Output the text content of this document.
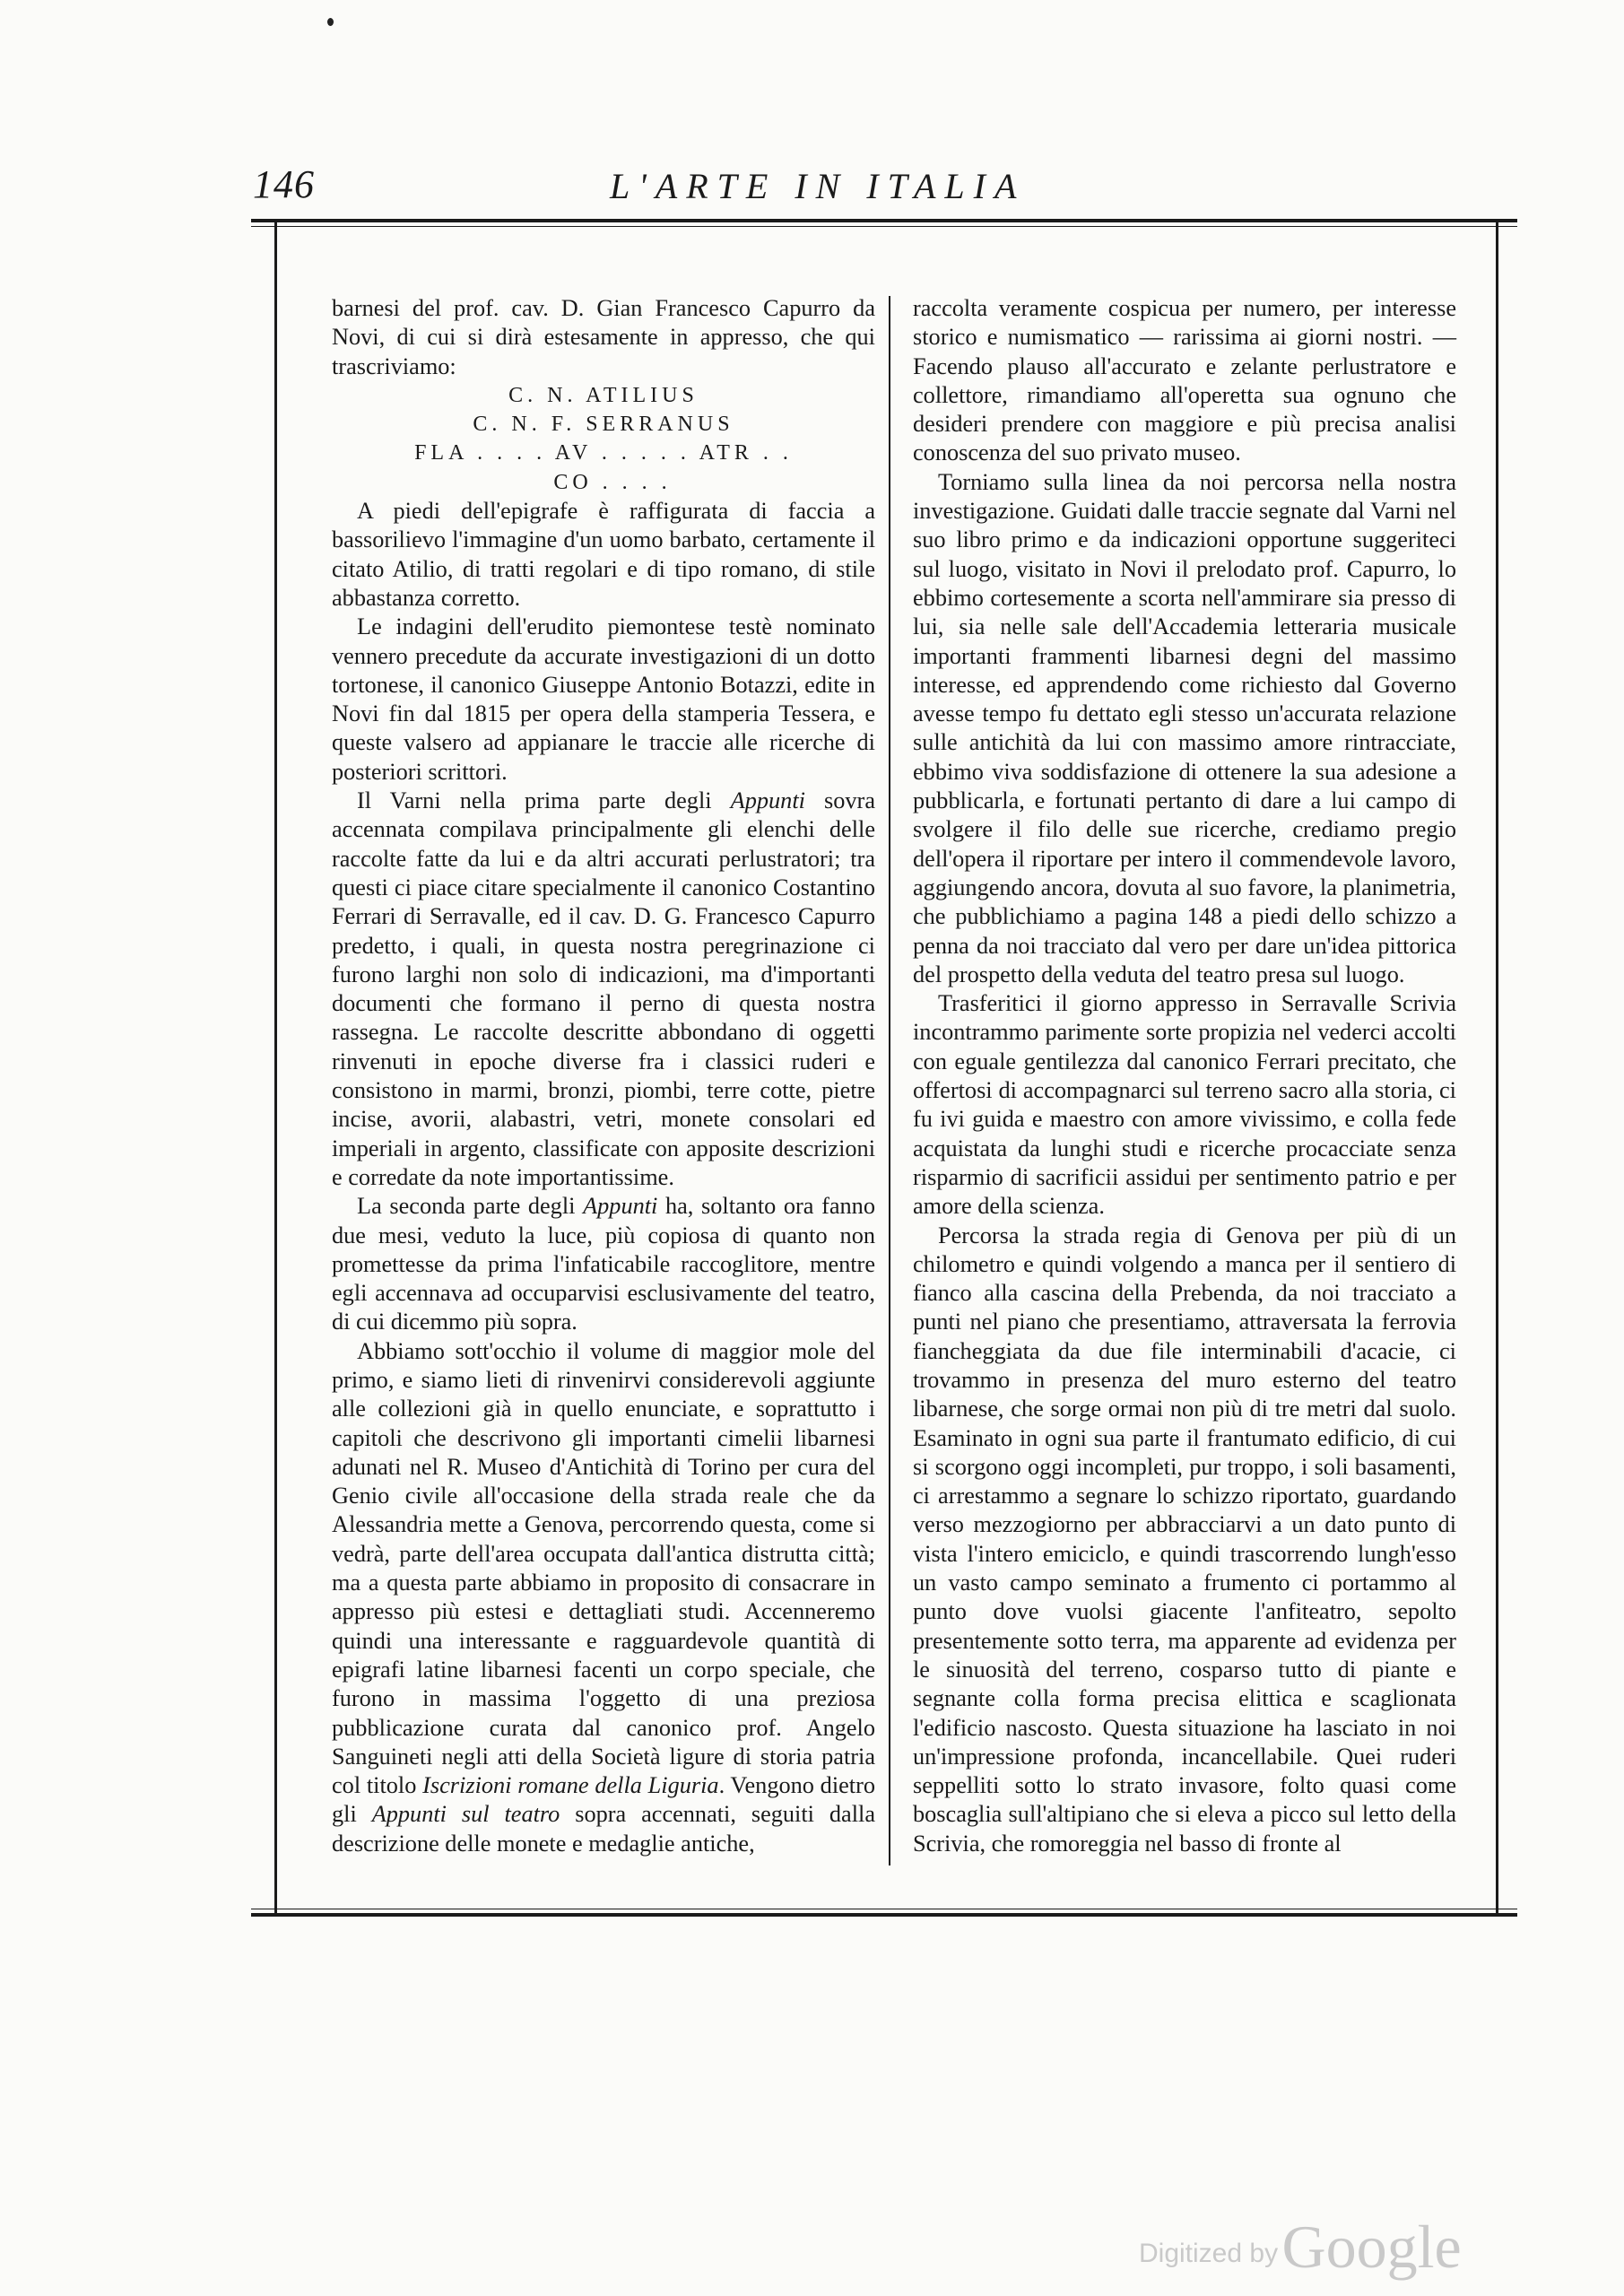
146	L'ARTE IN ITALIA

barnesi del prof. cav. D. Gian Francesco Capurro da Novi, di cui si dirà estesamente in appresso, che qui trascriviamo:

C. N. ATILIUS
C. N. F. SERRANUS
FLA . . . . AV . . . . . ATR . .
CO . . . .

A piedi dell'epigrafe è raffigurata di faccia a bassorilievo l'immagine d'un uomo barbato, certamente il citato Atilio, di tratti regolari e di tipo romano, di stile abbastanza corretto.

Le indagini dell'erudito piemontese testè nominato vennero precedute da accurate investigazioni di un dotto tortonese, il canonico Giuseppe Antonio Botazzi, edite in Novi fin dal 1815 per opera della stamperia Tessera, e queste valsero ad appianare le traccie alle ricerche di posteriori scrittori.

Il Varni nella prima parte degli Appunti sovra accennata compilava principalmente gli elenchi delle raccolte fatte da lui e da altri accurati perlustratori; tra questi ci piace citare specialmente il canonico Costantino Ferrari di Serravalle, ed il cav. D. G. Francesco Capurro predetto, i quali, in questa nostra peregrinazione ci furono larghi non solo di indicazioni, ma d'importanti documenti che formano il perno di questa nostra rassegna. Le raccolte descritte abbondano di oggetti rinvenuti in epoche diverse fra i classici ruderi e consistono in marmi, bronzi, piombi, terre cotte, pietre incise, avorii, alabastri, vetri, monete consolari ed imperiali in argento, classificate con apposite descrizioni e corredate da note importantissime.

La seconda parte degli Appunti ha, soltanto ora fanno due mesi, veduto la luce, più copiosa di quanto non promettesse da prima l'infaticabile raccoglitore, mentre egli accennava ad occuparvisi esclusivamente del teatro, di cui dicemmo più sopra.

Abbiamo sott'occhio il volume di maggior mole del primo, e siamo lieti di rinvenirvi considerevoli aggiunte alle collezioni già in quello enunciate, e soprattutto i capitoli che descrivono gli importanti cimelii libarnesi adunati nel R. Museo d'Antichità di Torino per cura del Genio civile all'occasione della strada reale che da Alessandria mette a Genova, percorrendo questa, come si vedrà, parte dell'area occupata dall'antica distrutta città; ma a questa parte abbiamo in proposito di consacrare in appresso più estesi e dettagliati studi. Accenneremo quindi una interessante e ragguardevole quantità di epigrafi latine libarnesi facenti un corpo speciale, che furono in massima l'oggetto di una preziosa pubblicazione curata dal canonico prof. Angelo Sanguineti negli atti della Società ligure di storia patria col titolo Iscrizioni romane della Liguria. Vengono dietro gli Appunti sul teatro sopra accennati, seguiti dalla descrizione delle monete e medaglie antiche,

raccolta veramente cospicua per numero, per interesse storico e numismatico — rarissima ai giorni nostri. — Facendo plauso all'accurato e zelante perlustratore e collettore, rimandiamo all'operetta sua ognuno che desideri prendere con maggiore e più precisa analisi conoscenza del suo privato museo.

Torniamo sulla linea da noi percorsa nella nostra investigazione. Guidati dalle traccie segnate dal Varni nel suo libro primo e da indicazioni opportune suggeriteci sul luogo, visitato in Novi il prelodato prof. Capurro, lo ebbimo cortesemente a scorta nell'ammirare sia presso di lui, sia nelle sale dell'Accademia letteraria musicale importanti frammenti libarnesi degni del massimo interesse, ed apprendendo come richiesto dal Governo avesse tempo fu dettato egli stesso un'accurata relazione sulle antichità da lui con massimo amore rintracciate, ebbimo viva soddisfazione di ottenere la sua adesione a pubblicarla, e fortunati pertanto di dare a lui campo di svolgere il filo delle sue ricerche, crediamo pregio dell'opera il riportare per intero il commendevole lavoro, aggiungendo ancora, dovuta al suo favore, la planimetria, che pubblichiamo a pagina 148 a piedi dello schizzo a penna da noi tracciato dal vero per dare un'idea pittorica del prospetto della veduta del teatro presa sul luogo.

Trasferitici il giorno appresso in Serravalle Scrivia incontrammo parimente sorte propizia nel vederci accolti con eguale gentilezza dal canonico Ferrari precitato, che offertosi di accompagnarci sul terreno sacro alla storia, ci fu ivi guida e maestro con amore vivissimo, e colla fede acquistata da lunghi studi e ricerche procacciate senza risparmio di sacrificii assidui per sentimento patrio e per amore della scienza.

Percorsa la strada regia di Genova per più di un chilometro e quindi volgendo a manca per il sentiero di fianco alla cascina della Prebenda, da noi tracciato a punti nel piano che presentiamo, attraversata la ferrovia fiancheggiata da due file interminabili d'acacie, ci trovammo in presenza del muro esterno del teatro libarnese, che sorge ormai non più di tre metri dal suolo. Esaminato in ogni sua parte il frantumato edificio, di cui si scorgono oggi incompleti, pur troppo, i soli basamenti, ci arrestammo a segnare lo schizzo riportato, guardando verso mezzogiorno per abbracciarvi a un dato punto di vista l'intero emiciclo, e quindi trascorrendo lungh'esso un vasto campo seminato a frumento ci portammo al punto dove vuolsi giacente l'anfiteatro, sepolto presentemente sotto terra, ma apparente ad evidenza per le sinuosità del terreno, cosparso tutto di piante e segnante colla forma precisa elittica e scaglionata l'edificio nascosto. Questa situazione ha lasciato in noi un'impressione profonda, incancellabile. Quei ruderi seppelliti sotto lo strato invasore, folto quasi come boscaglia sull'altipiano che si eleva a picco sul letto della Scrivia, che romoreggia nel basso di fronte al

Digitized by Google
